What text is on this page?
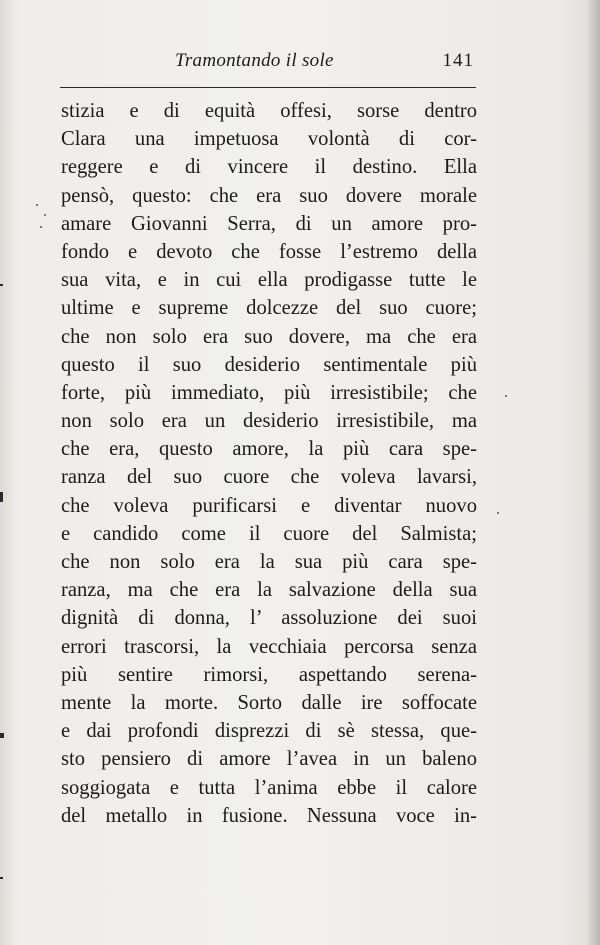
Tramontando il sole	141
stizia e di equità offesi, sorse dentro
Clara una impetuosa volontà di cor-
reggere e di vincere il destino. Ella
pensò, questo: che era suo dovere morale
amare Giovanni Serra, di un amore pro-
fondo e devoto che fosse l’estremo della
sua vita, e in cui ella prodigasse tutte le
ultime e supreme dolcezze del suo cuore;
che non solo era suo dovere, ma che era
questo il suo desiderio sentimentale più
forte, più immediato, più irresistibile; che
non solo era un desiderio irresistibile, ma
che era, questo amore, la più cara spe-
ranza del suo cuore che voleva lavarsi,
che voleva purificarsi e diventar nuovo
e candido come il cuore del Salmista;
che non solo era la sua più cara spe-
ranza, ma che era la salvazione della sua
dignità di donna, l’ assoluzione dei suoi
errori trascorsi, la vecchiaia percorsa senza
più sentire rimorsi, aspettando serena-
mente la morte. Sorto dalle ire soffocate
e dai profondi disprezzi di sè stessa, que-
sto pensiero di amore l’avea in un baleno
soggiogata e tutta l’anima ebbe il calore
del metallo in fusione. Nessuna voce in-
